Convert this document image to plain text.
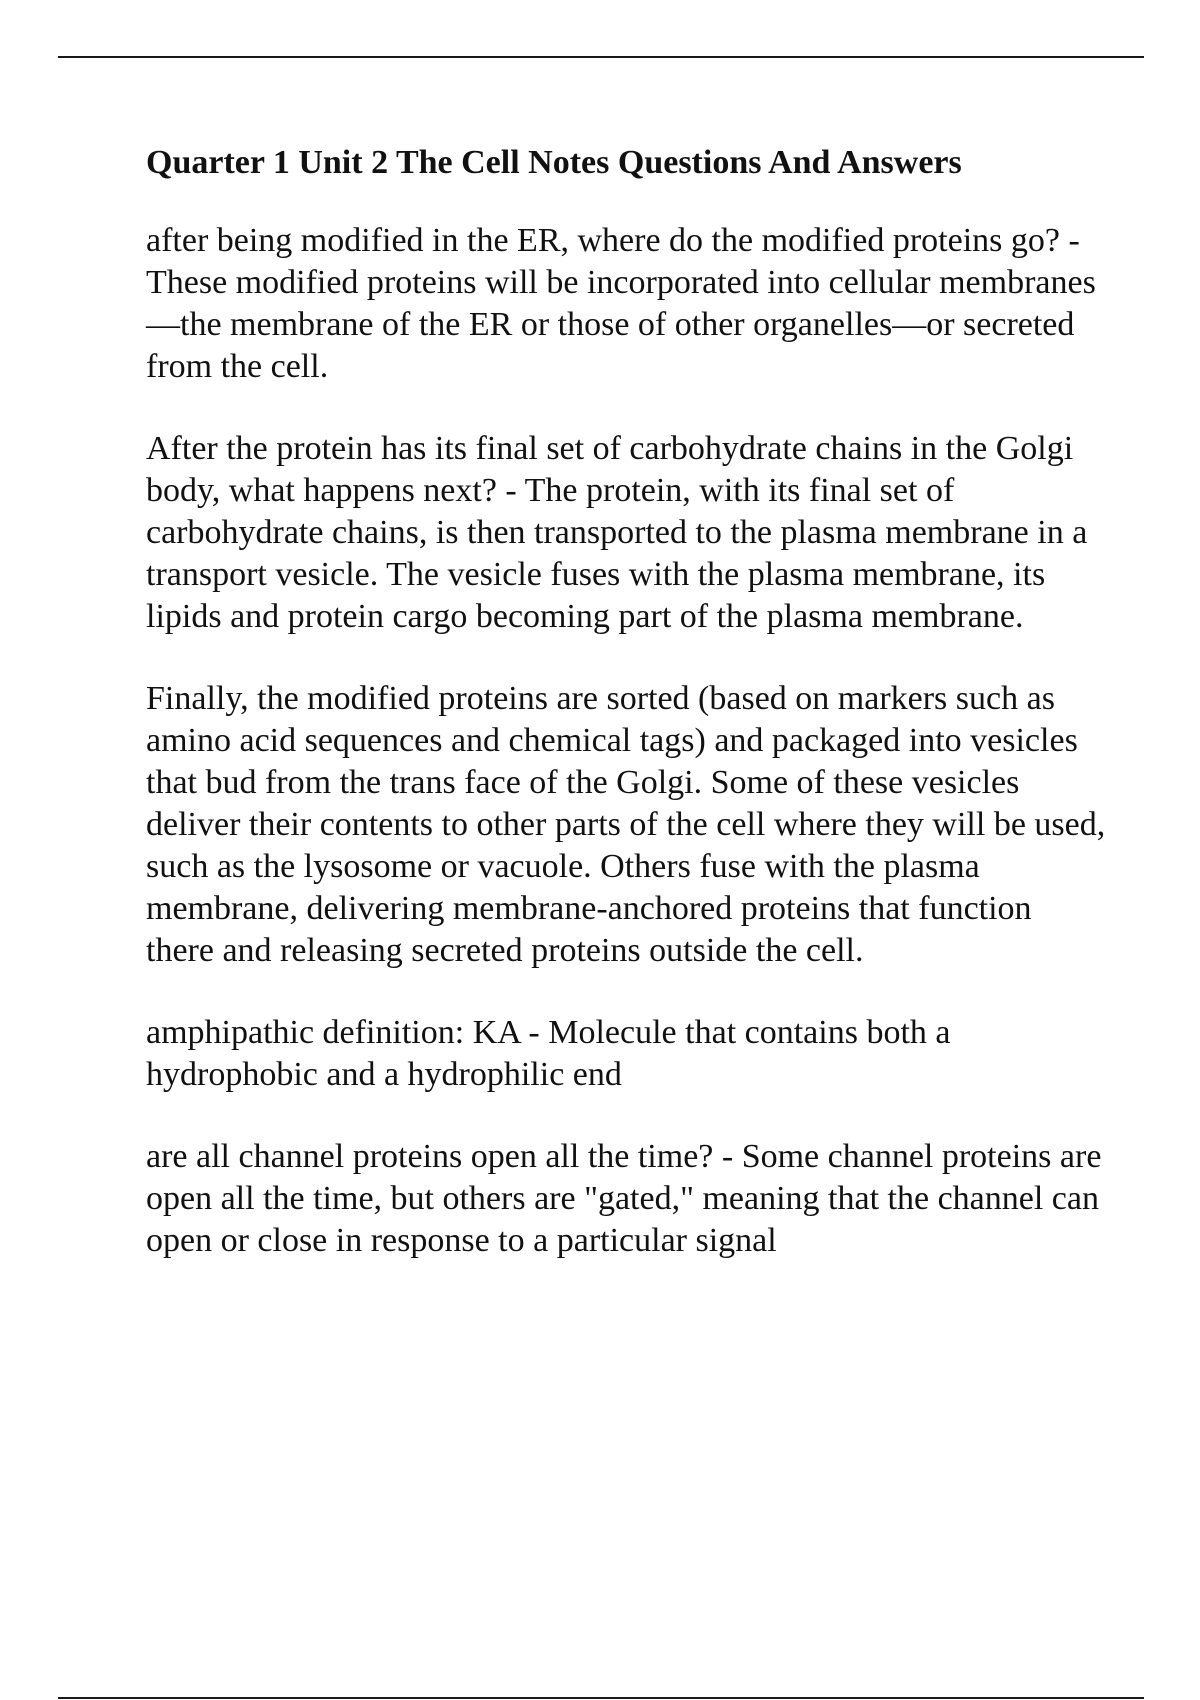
Quarter 1 Unit 2 The Cell Notes Questions And Answers

after being modified in the ER, where do the modified proteins go? - These modified proteins will be incorporated into cellular membranes—the membrane of the ER or those of other organelles—or secreted from the cell.

After the protein has its final set of carbohydrate chains in the Golgi body, what happens next? - The protein, with its final set of carbohydrate chains, is then transported to the plasma membrane in a transport vesicle. The vesicle fuses with the plasma membrane, its lipids and protein cargo becoming part of the plasma membrane.

Finally, the modified proteins are sorted (based on markers such as amino acid sequences and chemical tags) and packaged into vesicles that bud from the trans face of the Golgi. Some of these vesicles deliver their contents to other parts of the cell where they will be used, such as the lysosome or vacuole. Others fuse with the plasma membrane, delivering membrane-anchored proteins that function there and releasing secreted proteins outside the cell.

amphipathic definition: KA - Molecule that contains both a hydrophobic and a hydrophilic end

are all channel proteins open all the time? - Some channel proteins are open all the time, but others are "gated," meaning that the channel can open or close in response to a particular signal
